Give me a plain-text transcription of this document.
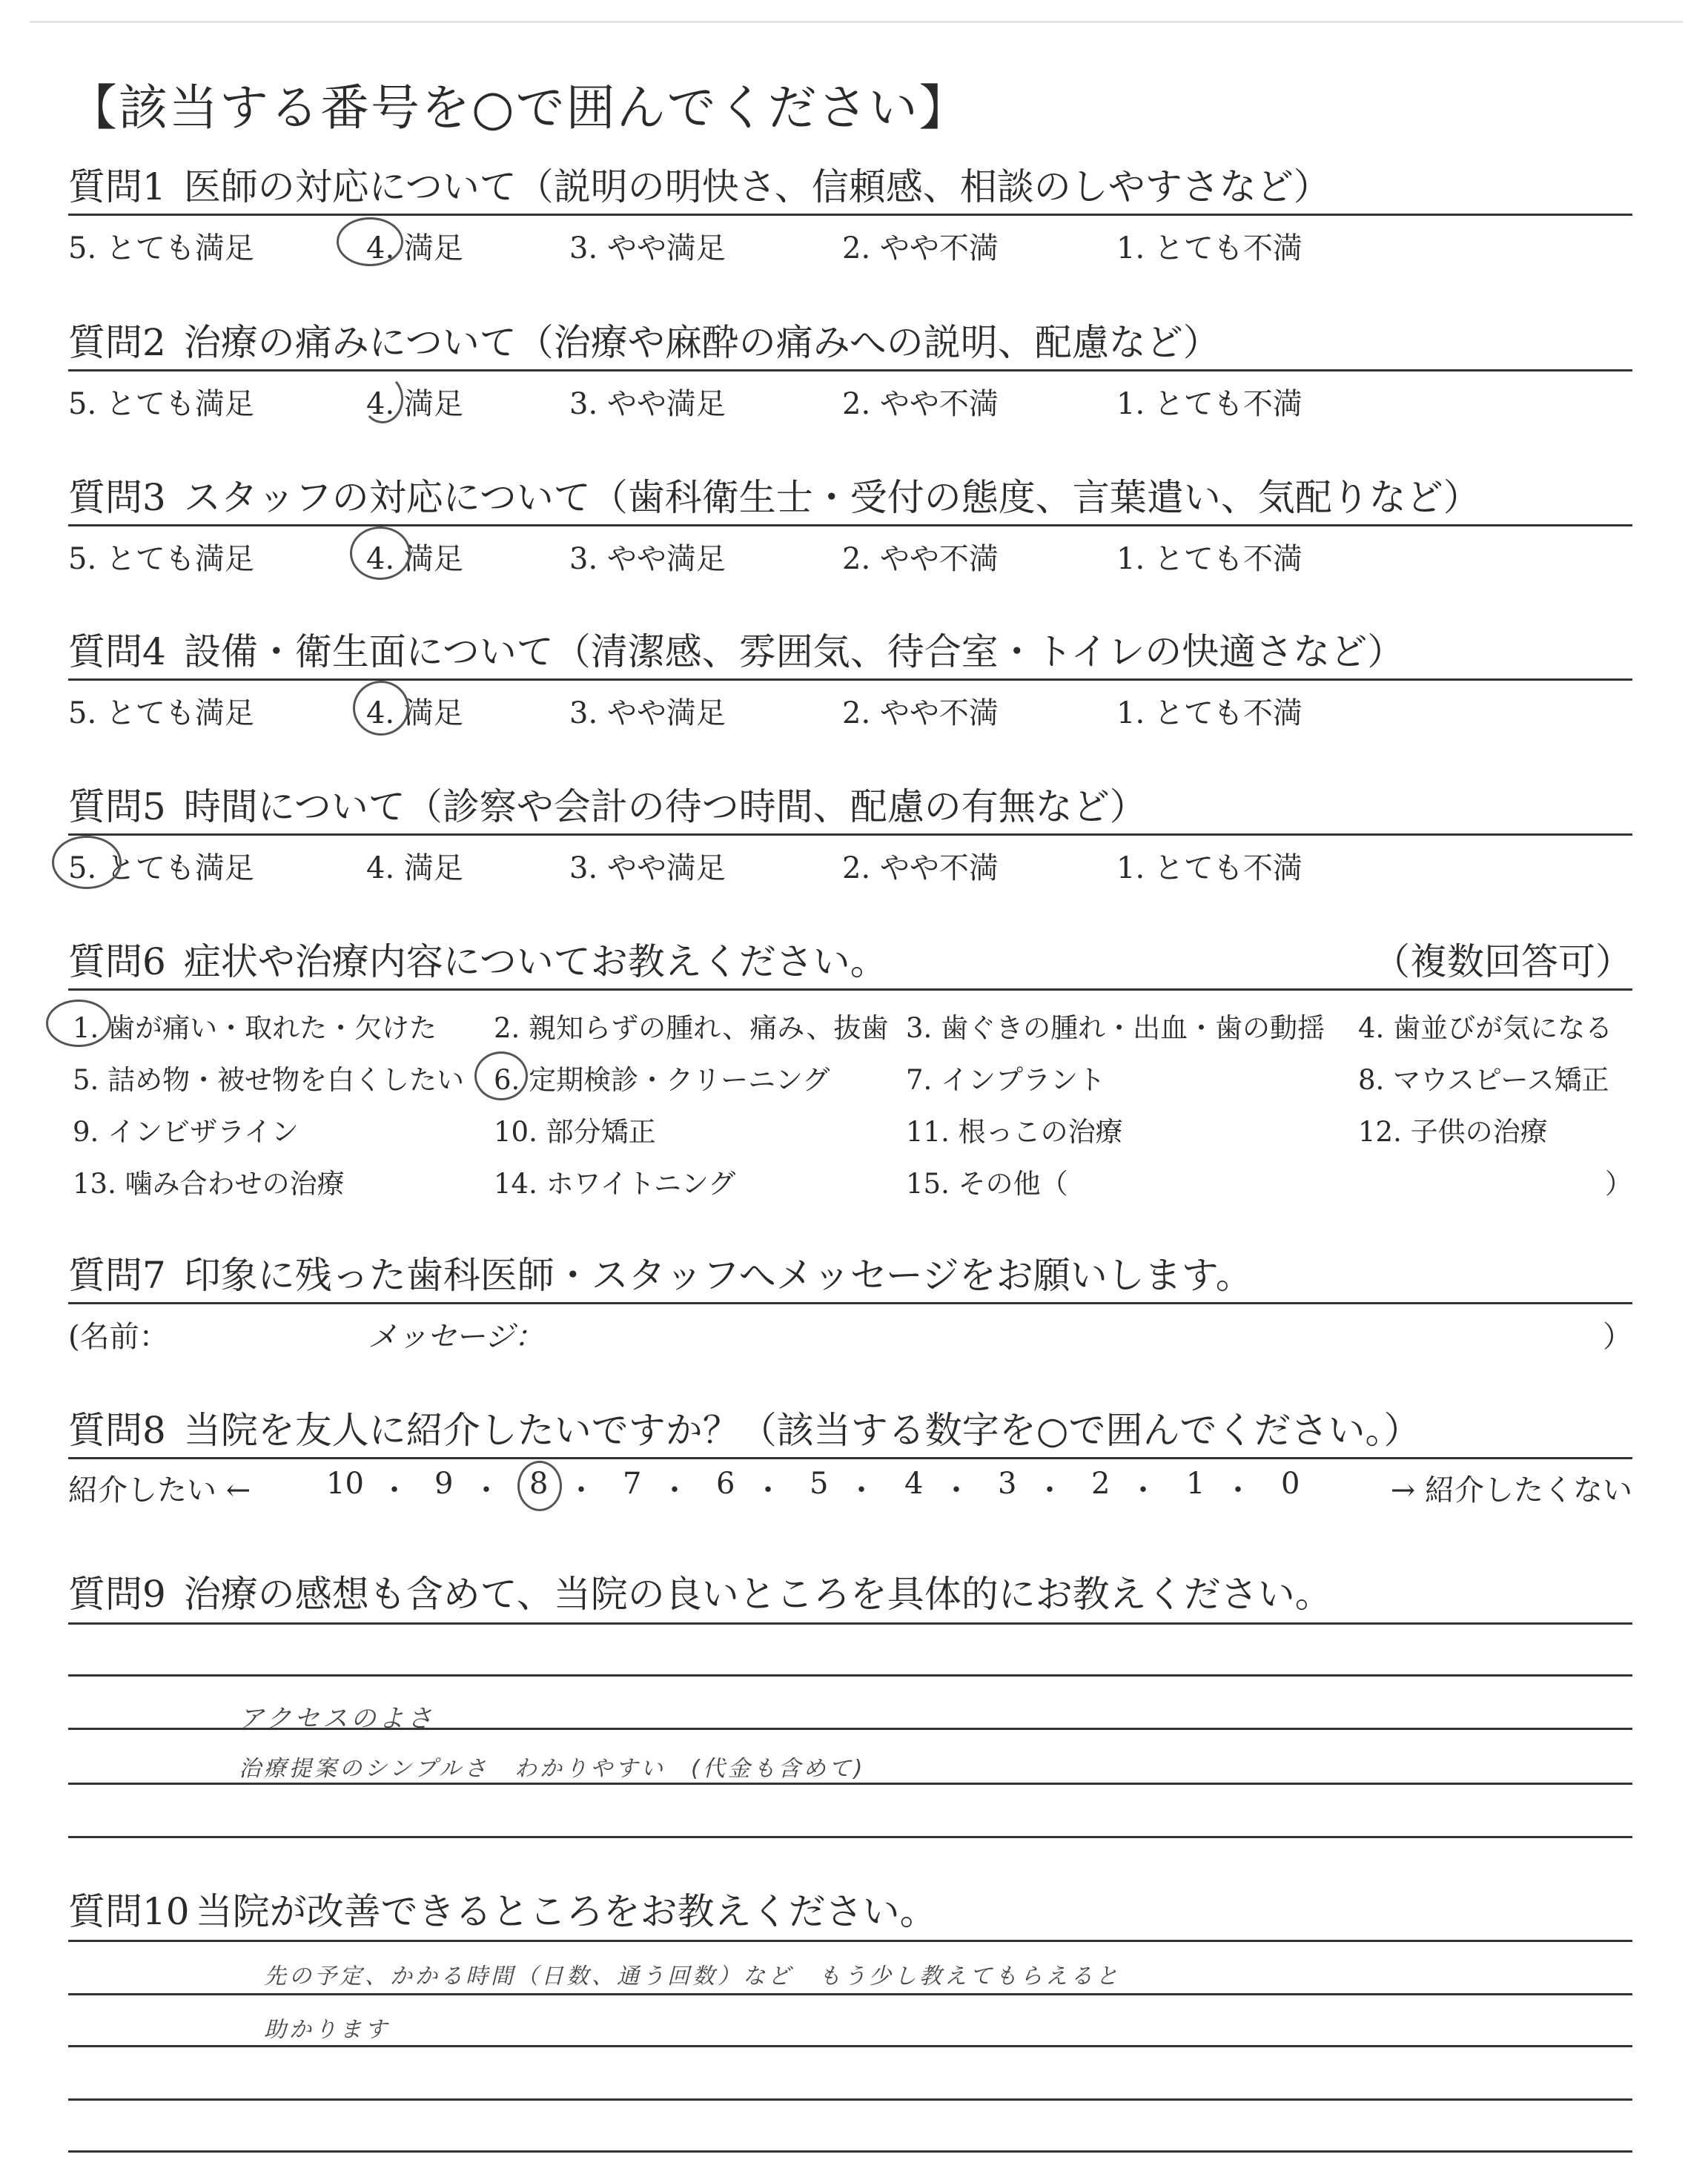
【該当する番号を○で囲んでください】
質問1 医師の対応について（説明の明快さ、信頼感、相談のしやすさなど）
5. とても満足	4. 満足	3. やや満足	2. やや不満	1. とても不満
質問2 治療の痛みについて（治療や麻酔の痛みへの説明、配慮など）
5. とても満足	4. 満足	3. やや満足	2. やや不満	1. とても不満
質問3 スタッフの対応について（歯科衛生士・受付の態度、言葉遣い、気配りなど）
5. とても満足	4. 満足	3. やや満足	2. やや不満	1. とても不満
質問4 設備・衛生面について（清潔感、雰囲気、待合室・トイレの快適さなど）
5. とても満足	4. 満足	3. やや満足	2. やや不満	1. とても不満
質問5 時間について（診察や会計の待つ時間、配慮の有無など）
5. とても満足	4. 満足	3. やや満足	2. やや不満	1. とても不満
質問6 症状や治療内容についてお教えください。	（複数回答可）
1. 歯が痛い・取れた・欠けた 2. 親知らずの腫れ、痛み、抜歯 3. 歯ぐきの腫れ・出血・歯の動揺 4. 歯並びが気になる
5. 詰め物・被せ物を白くしたい 6. 定期検診・クリーニング	7. インプラント	8. マウスピース矯正
9. インビザライン	10. 部分矯正	11. 根っこの治療	12. 子供の治療
13. 噛み合わせの治療	14. ホワイトニング	15. その他（	）
質問7 印象に残った歯科医師・スタッフへメッセージをお願いします。
(名前：	メッセージ：	）
質問8 当院を友人に紹介したいですか？（該当する数字を○で囲んでください。）
紹介したい ←	10 ・ 9 ・ 8 ・ 7 ・ 6 ・ 5 ・ 4 ・ 3 ・ 2 ・ 1 ・ 0	→ 紹介したくない
質問9 治療の感想も含めて、当院の良いところを具体的にお教えください。
アクセスのよさ
治療提案のシンプルさ　わかりやすい　(代金も含めて)
質問10 当院が改善できるところをお教えください。
先の予定、かかる時間（日数、通う回数）など　もう少し教えてもらえると
助かります
